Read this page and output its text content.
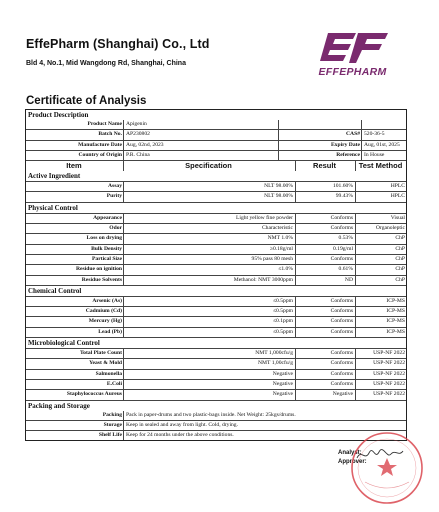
EffePharm (Shanghai) Co., Ltd
Bld 4, No.1, Mid Wangdong Rd, Shanghai, China
EFFEPHARM
Certificate of Analysis
Product Description
Product Name Apigenin
Batch No. AP230802	CAS# 520-36-5
Manufacture Date Aug, 02nd, 2023	Expiry Date Aug, 01st, 2025
Country of Origin P.R. China	Reference In House
Item	Specification	Result	Test Method
Active Ingredient
Assay	NLT 98.00%	101.60%	HPLC
Purity	NLT 98.00%	99.43%	HPLC
Physical Control
Appearance	Light yellow fine powder	Conforms	Visual
Odor	Characteristic	Conforms	Organoleptic
Loss on drying	NMT 1.0%	0.53%	ChP
Bulk Density	≥0.18g/ml	0.19g/ml	ChP
Partical Size	95% pass 80 mesh	Conforms	ChP
Residue on ignition	≤1.0%	0.61%	ChP
Residue Solvents	Methanol: NMT 3000ppm	ND	ChP
Chemical Control
Arsenic (As)	≤0.5ppm	Conforms	ICP-MS
Cadmium (Cd)	≤0.5ppm	Conforms	ICP-MS
Mercury (Hg)	≤0.1ppm	Conforms	ICP-MS
Lead (Pb)	≤0.5ppm	Conforms	ICP-MS
Microbiological Control
Total Plate Count	NMT 1,000cfu/g	Conforms	USP-NF 2022
Yeast & Mold	NMT 1,00cfu/g	Conforms	USP-NF 2022
Salmonella	Negative	Conforms	USP-NF 2022
E.Coli	Negative	Conforms	USP-NF 2022
Staphylococcus Aureus	Negative	Negative	USP-NF 2022
Packing and Storage
Packing Pack in paper-drums and two plastic-bags inside. Net Weight: 25kgs/drums.
Storage Keep in sealed and away from light. Cold, drying.
Shelf Life Keep for 24 months under the above conditions.
Analyst:
Approver:
